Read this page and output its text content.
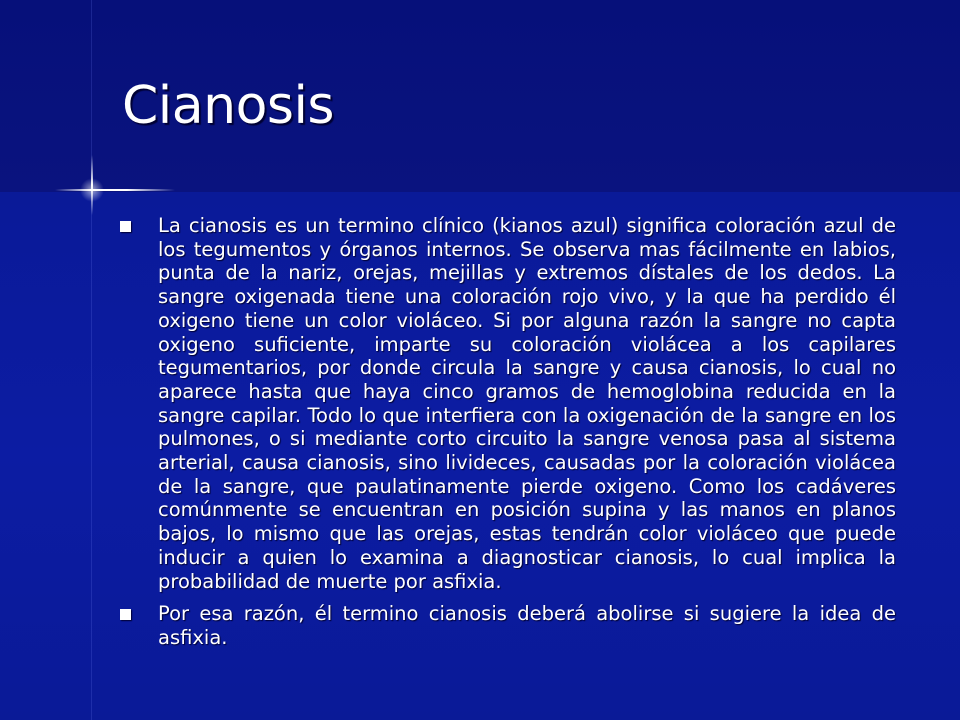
Cianosis
La cianosis es un termino clínico (kianos azul) significa coloración azul de los tegumentos y órganos internos. Se observa mas fácilmente en labios, punta de la nariz, orejas, mejillas y extremos dístales de los dedos. La sangre oxigenada tiene una coloración rojo vivo, y la que ha perdido él oxigeno tiene un color violáceo. Si por alguna razón la sangre no capta oxigeno suficiente, imparte su coloración violácea a los capilares tegumentarios, por donde circula la sangre y causa cianosis, lo cual no aparece hasta que haya cinco gramos de hemoglobina reducida en la sangre capilar. Todo lo que interfiera con la oxigenación de la sangre en los pulmones, o si mediante corto circuito la sangre venosa pasa al sistema arterial, causa cianosis, sino livideces, causadas por la coloración violácea de la sangre, que paulatinamente pierde oxigeno. Como los cadáveres comúnmente se encuentran en posición supina y las manos en planos bajos, lo mismo que las orejas, estas tendrán color violáceo que puede inducir a quien lo examina a diagnosticar cianosis, lo cual implica la probabilidad de muerte por asfixia.
Por esa razón, él termino cianosis deberá abolirse si sugiere la idea de asfixia.
